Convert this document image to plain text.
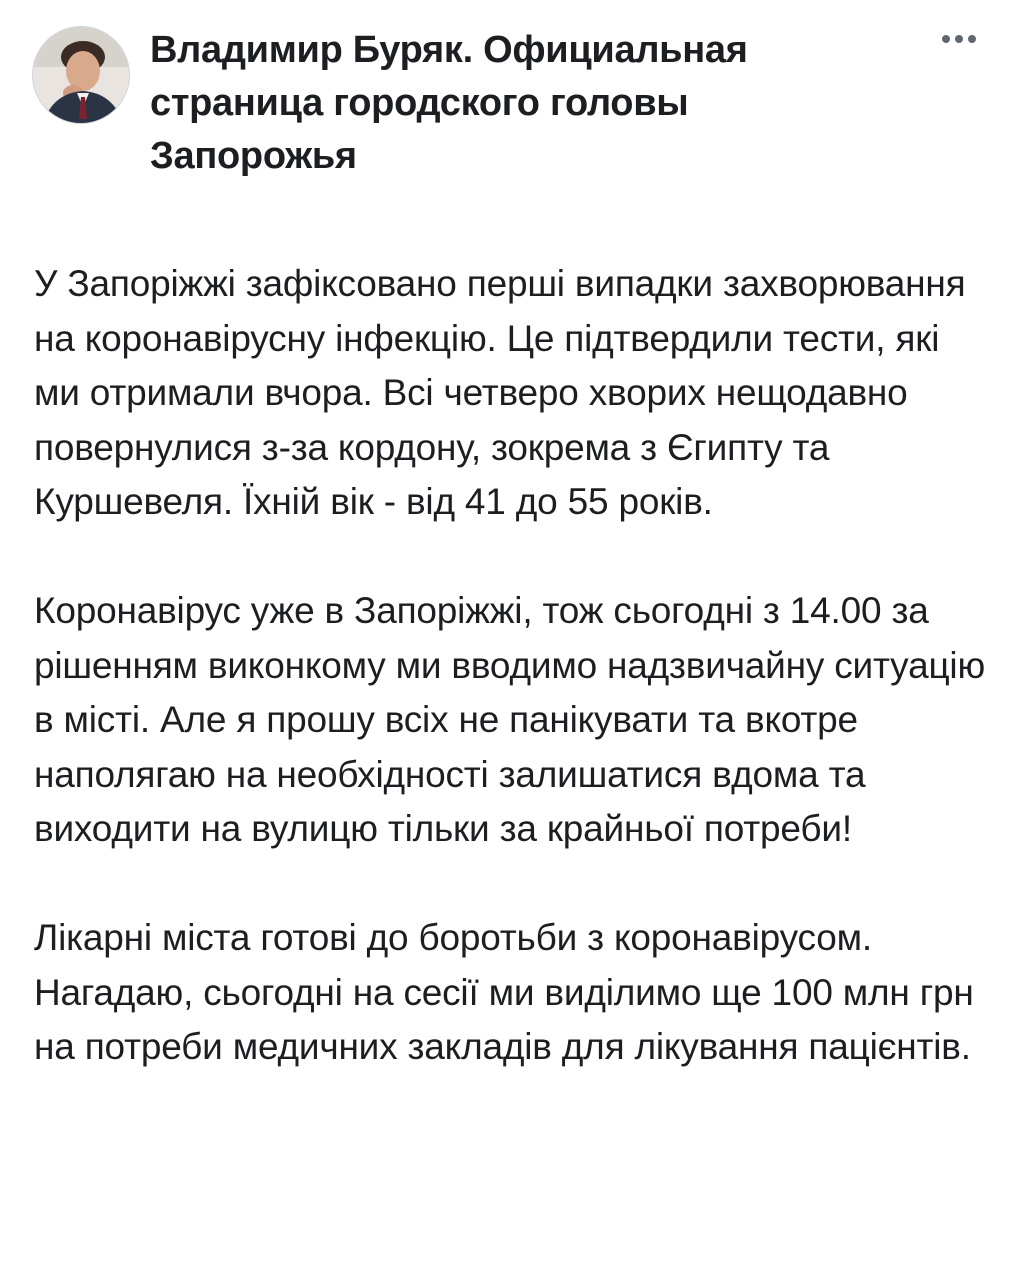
Владимир Буряк. Официальная страница городского головы Запорожья

У Запоріжжі зафіксовано перші випадки захворювання на коронавірусну інфекцію. Це підтвердили тести, які ми отримали вчора. Всі четверо хворих нещодавно повернулися з-за кордону, зокрема з Єгипту та Куршевеля. Їхній вік - від 41 до 55 років.

Коронавірус уже в Запоріжжі, тож сьогодні з 14.00 за рішенням виконкому ми вводимо надзвичайну ситуацію в місті. Але я прошу всіх не панікувати та вкотре наполягаю на необхідності залишатися вдома та виходити на вулицю тільки за крайньої потреби!

Лікарні міста готові до боротьби з коронавірусом. Нагадаю, сьогодні на сесії ми виділимо ще 100 млн грн на потреби медичних закладів для лікування пацієнтів.
